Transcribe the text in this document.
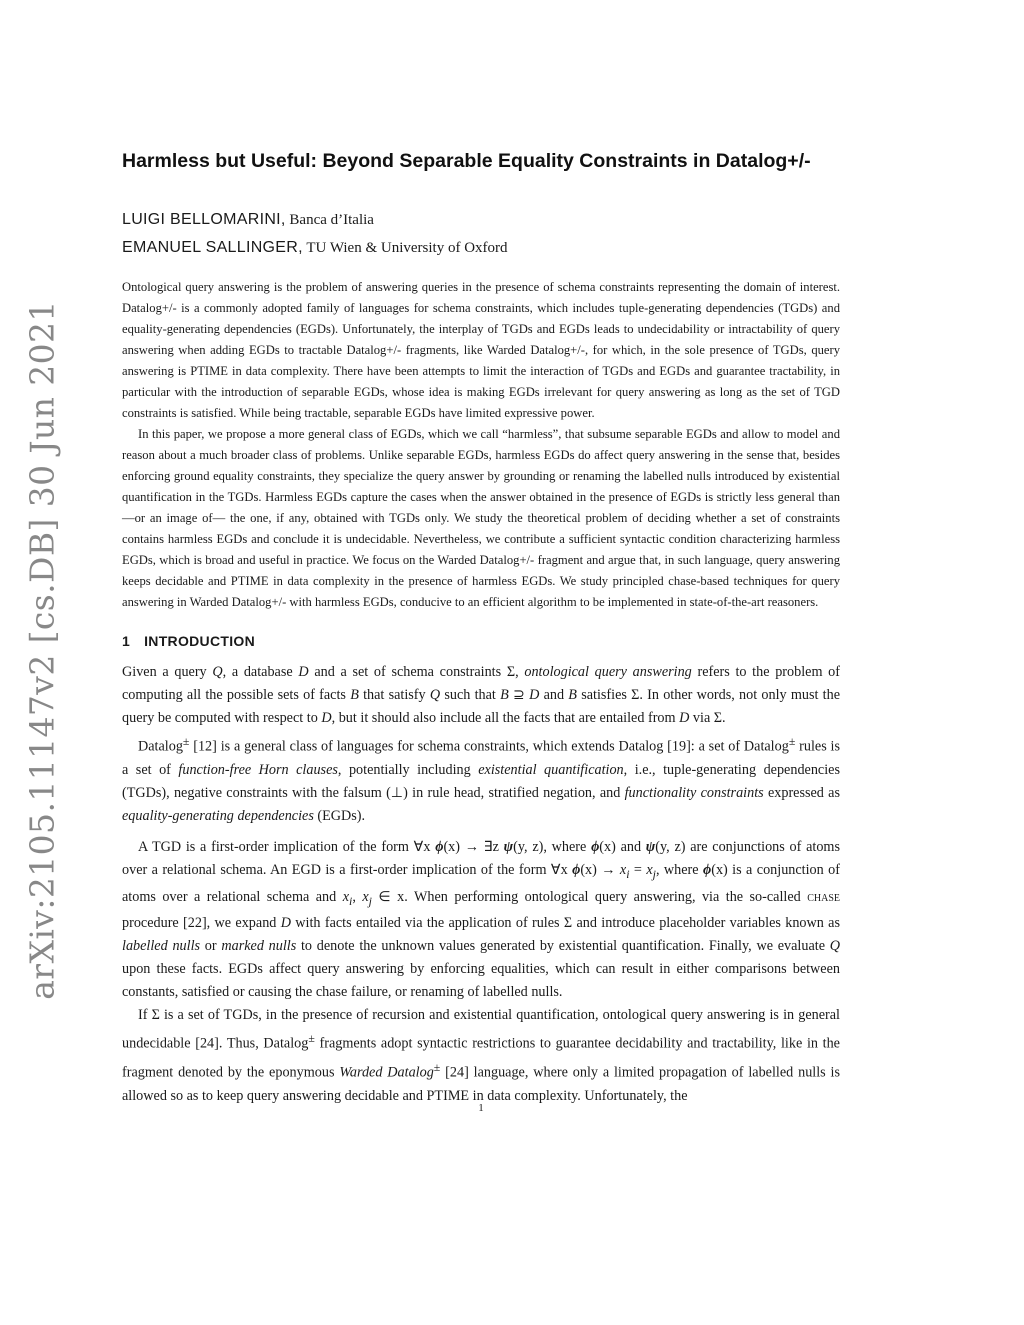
arXiv:2105.11147v2 [cs.DB] 30 Jun 2021
Harmless but Useful: Beyond Separable Equality Constraints in Datalog+/-
LUIGI BELLOMARINI, Banca d’Italia
EMANUEL SALLINGER, TU Wien & University of Oxford

Ontological query answering is the problem of answering queries in the presence of schema constraints representing the domain of interest. Datalog+/- is a commonly adopted family of languages for schema constraints, which includes tuple-generating dependencies (TGDs) and equality-generating dependencies (EGDs). Unfortunately, the interplay of TGDs and EGDs leads to undecidability or intractability of query answering when adding EGDs to tractable Datalog+/- fragments, like Warded Datalog+/-, for which, in the sole presence of TGDs, query answering is PTIME in data complexity. There have been attempts to limit the interaction of TGDs and EGDs and guarantee tractability, in particular with the introduction of separable EGDs, whose idea is making EGDs irrelevant for query answering as long as the set of TGD constraints is satisfied. While being tractable, separable EGDs have limited expressive power.

In this paper, we propose a more general class of EGDs, which we call “harmless”, that subsume separable EGDs and allow to model and reason about a much broader class of problems. Unlike separable EGDs, harmless EGDs do affect query answering in the sense that, besides enforcing ground equality constraints, they specialize the query answer by grounding or renaming the labelled nulls introduced by existential quantification in the TGDs. Harmless EGDs capture the cases when the answer obtained in the presence of EGDs is strictly less general than —or an image of— the one, if any, obtained with TGDs only. We study the theoretical problem of deciding whether a set of constraints contains harmless EGDs and conclude it is undecidable. Nevertheless, we contribute a sufficient syntactic condition characterizing harmless EGDs, which is broad and useful in practice. We focus on the Warded Datalog+/- fragment and argue that, in such language, query answering keeps decidable and PTIME in data complexity in the presence of harmless EGDs. We study principled chase-based techniques for query answering in Warded Datalog+/- with harmless EGDs, conducive to an efficient algorithm to be implemented in state-of-the-art reasoners.

1 INTRODUCTION

Given a query Q, a database D and a set of schema constraints Σ, ontological query answering refers to the problem of computing all the possible sets of facts B that satisfy Q such that B ⊇ D and B satisfies Σ. In other words, not only must the query be computed with respect to D, but it should also include all the facts that are entailed from D via Σ.

Datalog± [12] is a general class of languages for schema constraints, which extends Datalog [19]: a set of Datalog± rules is a set of function-free Horn clauses, potentially including existential quantification, i.e., tuple-generating dependencies (TGDs), negative constraints with the falsum (⊥) in rule head, stratified negation, and functionality constraints expressed as equality-generating dependencies (EGDs).

A TGD is a first-order implication of the form ∀x ϕ(x) → ∃z ψ(y, z), where ϕ(x) and ψ(y, z) are conjunctions of atoms over a relational schema. An EGD is a first-order implication of the form ∀x $\phi(x) \to x_i = x_j$, where ϕ(x) is a conjunction of atoms over a relational schema and $x_i$, $x_j$ ∈ x. When performing ontological query answering, via the so-called chase procedure [22], we expand D with facts entailed via the application of rules Σ and introduce placeholder variables known as labelled nulls or marked nulls to denote the unknown values generated by existential quantification. Finally, we evaluate Q upon these facts. EGDs affect query answering by enforcing equalities, which can result in either comparisons between constants, satisfied or causing the chase failure, or renaming of labelled nulls.

If Σ is a set of TGDs, in the presence of recursion and existential quantification, ontological query answering is in general undecidable [24]. Thus, Datalog± fragments adopt syntactic restrictions to guarantee decidability and tractability, like in the fragment denoted by the eponymous Warded Datalog± [24] language, where only a limited propagation of labelled nulls is allowed so as to keep query answering decidable and PTIME in data complexity. Unfortunately, the

1
